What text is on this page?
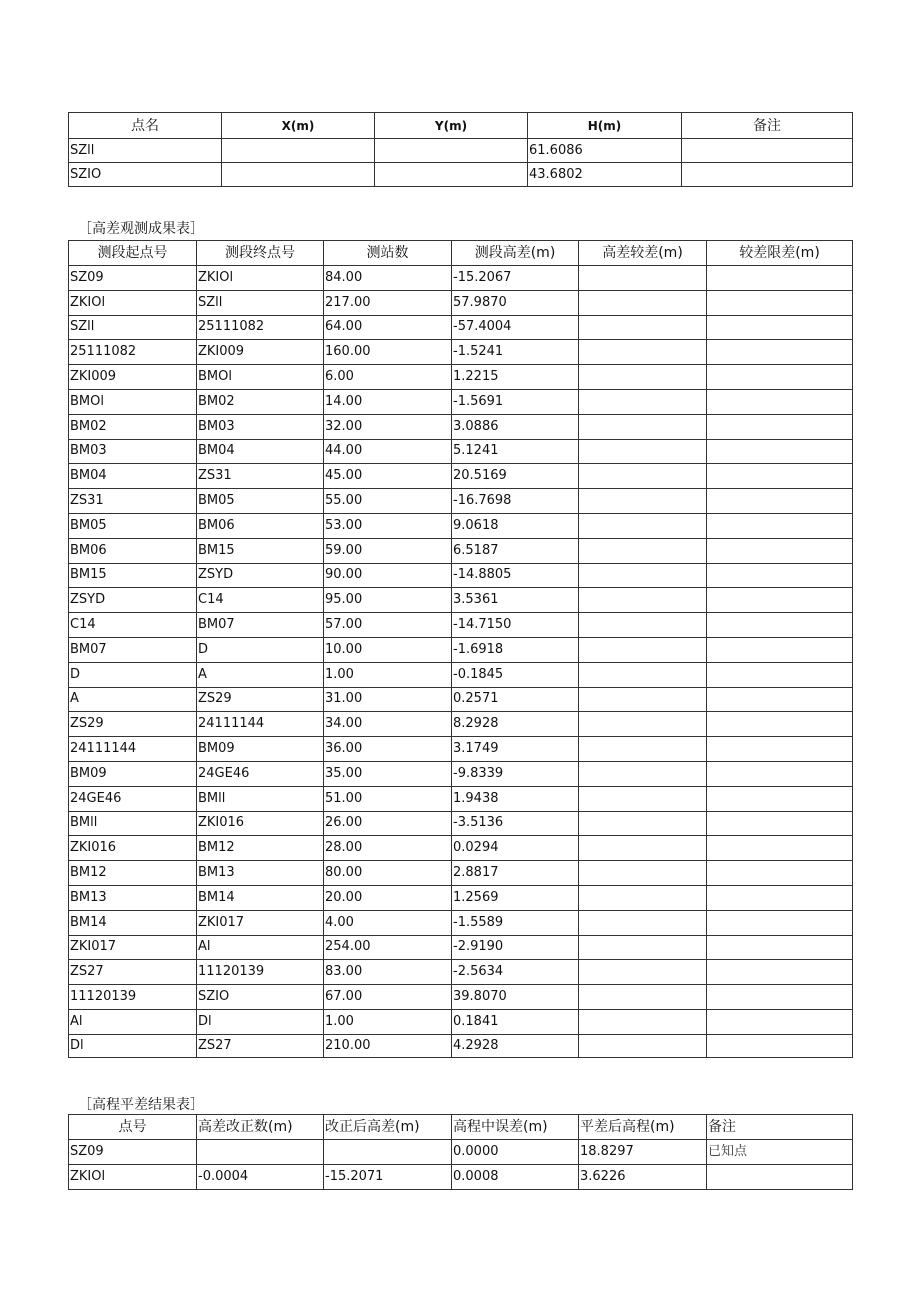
点名	X(m)	Y(m)	H(m)	备注
SZll			61.6086	
SZIO			43.6802	
［高差观测成果表］
测段起点号	测段终点号	测站数	测段高差(m)	高差较差(m)	较差限差(m)
SZ09	ZKIOl	84.00	-15.2067		
ZKIOl	SZll	217.00	57.9870		
SZll	25111082	64.00	-57.4004		
25111082	ZKI009	160.00	-1.5241		
ZKI009	BMOl	6.00	1.2215		
BMOl	BM02	14.00	-1.5691		
BM02	BM03	32.00	3.0886		
BM03	BM04	44.00	5.1241		
BM04	ZS31	45.00	20.5169		
ZS31	BM05	55.00	-16.7698		
BM05	BM06	53.00	9.0618		
BM06	BM15	59.00	6.5187		
BM15	ZSYD	90.00	-14.8805		
ZSYD	C14	95.00	3.5361		
C14	BM07	57.00	-14.7150		
BM07	D	10.00	-1.6918		
D	A	1.00	-0.1845		
A	ZS29	31.00	0.2571		
ZS29	24111144	34.00	8.2928		
24111144	BM09	36.00	3.1749		
BM09	24GE46	35.00	-9.8339		
24GE46	BMll	51.00	1.9438		
BMll	ZKI016	26.00	-3.5136		
ZKI016	BM12	28.00	0.0294		
BM12	BM13	80.00	2.8817		
BM13	BM14	20.00	1.2569		
BM14	ZKI017	4.00	-1.5589		
ZKI017	Al	254.00	-2.9190		
ZS27	11120139	83.00	-2.5634		
11120139	SZIO	67.00	39.8070		
Al	Dl	1.00	0.1841		
Dl	ZS27	210.00	4.2928		
［高程平差结果表］
点号	高差改正数(m)	改正后高差(m)	高程中误差(m)	平差后高程(m)	备注
SZ09			0.0000	18.8297	已知点
ZKIOl	-0.0004	-15.2071	0.0008	3.6226	
